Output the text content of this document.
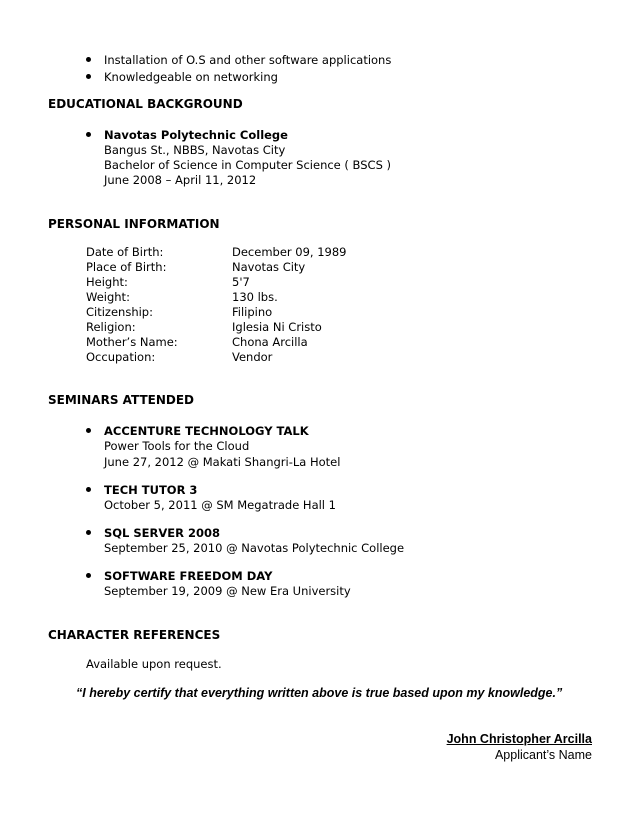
Installation of O.S and other software applications
Knowledgeable on networking
EDUCATIONAL BACKGROUND
Navotas Polytechnic College
Bangus St., NBBS, Navotas City
Bachelor of Science in Computer Science ( BSCS )
June 2008 – April 11, 2012
PERSONAL INFORMATION
Date of Birth:	December 09, 1989
Place of Birth:	Navotas City
Height:	5'7
Weight:	130 lbs.
Citizenship:	Filipino
Religion:	Iglesia Ni Cristo
Mother’s Name:	Chona Arcilla
Occupation:	Vendor
SEMINARS ATTENDED
ACCENTURE TECHNOLOGY TALK
Power Tools for the Cloud
June 27, 2012 @ Makati Shangri-La Hotel
TECH TUTOR 3
October 5, 2011 @ SM Megatrade Hall 1
SQL SERVER 2008
September 25, 2010 @ Navotas Polytechnic College
SOFTWARE FREEDOM DAY
September 19, 2009 @ New Era University
CHARACTER REFERENCES
Available upon request.
“I hereby certify that everything written above is true based upon my knowledge.”
John Christopher Arcilla
Applicant’s Name
